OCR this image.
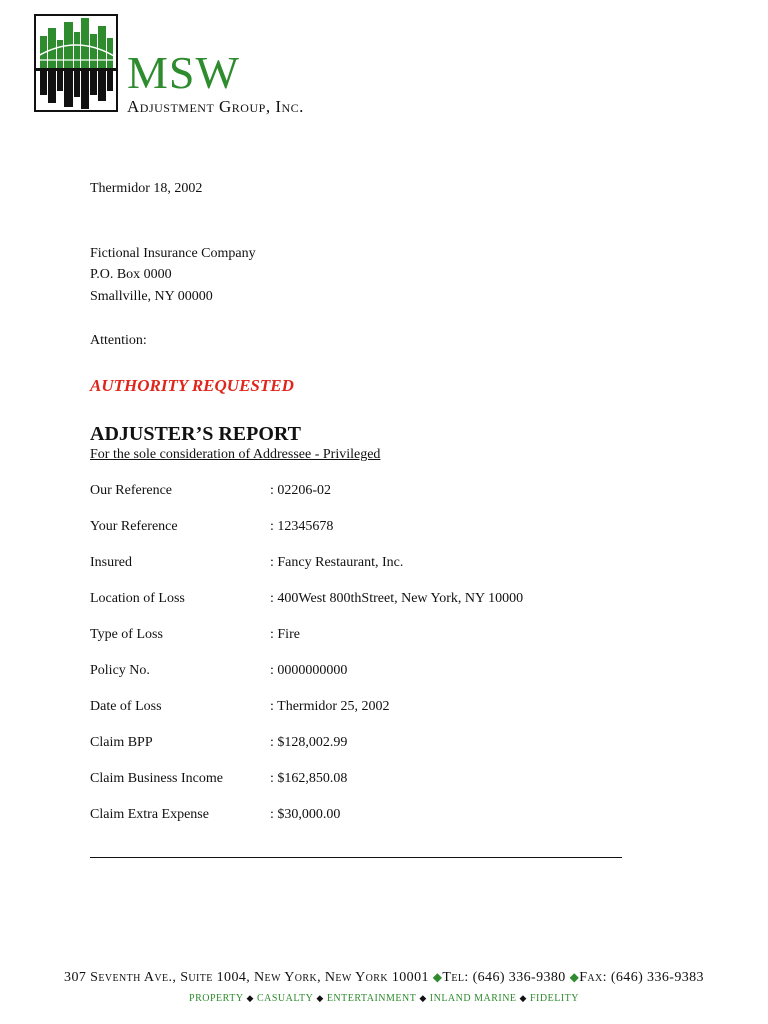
MSW
Adjustment Group, Inc.
Thermidor 18, 2002
Fictional Insurance Company
P.O. Box 0000
Smallville, NY 00000
Attention:
AUTHORITY REQUESTED
ADJUSTER’S REPORT
For the sole consideration of Addressee - Privileged
Our Reference	: 02206-02
Your Reference	: 12345678
Insured	: Fancy Restaurant, Inc.
Location of Loss	: 400West 800thStreet, New York, NY 10000
Type of Loss	: Fire
Policy No.	: 0000000000
Date of Loss	: Thermidor 25, 2002
Claim BPP	: $128,002.99
Claim Business Income	: $162,850.08
Claim Extra Expense	: $30,000.00
307 Seventh Ave., Suite 1004, New York, New York 10001 ◆Tel: (646) 336-9380 ◆Fax: (646) 336-9383
PROPERTY ◆ CASUALTY ◆ ENTERTAINMENT ◆ INLAND MARINE ◆ FIDELITY
